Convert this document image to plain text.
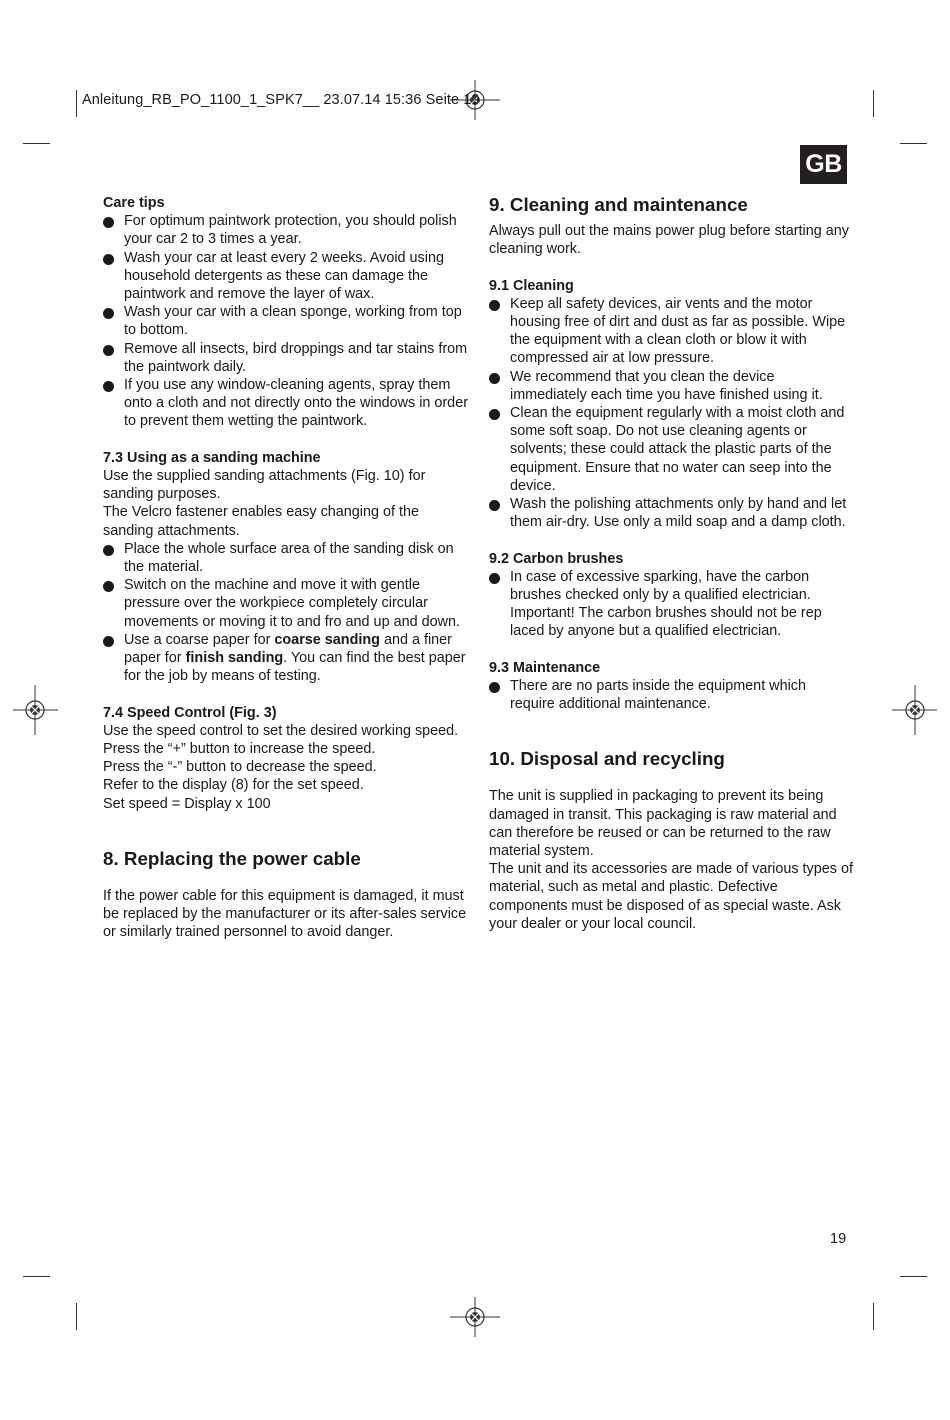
Anleitung_RB_PO_1100_1_SPK7__ 23.07.14 15:36 Seite 19
GB
Care tips
For optimum paintwork protection, you should polish your car 2 to 3 times a year.
Wash your car at least every 2 weeks. Avoid using household detergents as these can damage the paintwork and remove the layer of wax.
Wash your car with a clean sponge, working from top to bottom.
Remove all insects, bird droppings and tar stains from the paintwork daily.
If you use any window-cleaning agents, spray them onto a cloth and not directly onto the windows in order to prevent them wetting the paintwork.
7.3 Using as a sanding machine

Use the supplied sanding attachments (Fig. 10) for sanding purposes.

The Velcro fastener enables easy changing of the sanding attachments.

Place the whole surface area of the sanding disk on the material.
Switch on the machine and move it with gentle pressure over the workpiece completely circular movements or moving it to and fro and up and down.
Use a coarse paper for coarse sanding and a finer paper for finish sanding. You can find the best paper for the job by means of testing.
7.4 Speed Control (Fig. 3)

Use the speed control to set the desired working speed.

Press the “+” button to increase the speed.

Press the “-” button to decrease the speed.

Refer to the display (8) for the set speed.

Set speed = Display x 100

8. Replacing the power cable

If the power cable for this equipment is damaged, it must be replaced by the manufacturer or its after-sales service or similarly trained personnel to avoid danger.

9. Cleaning and maintenance

Always pull out the mains power plug before starting any cleaning work.

9.1 Cleaning
Keep all safety devices, air vents and the motor housing free of dirt and dust as far as possible. Wipe the equipment with a clean cloth or blow it with compressed air at low pressure.
We recommend that you clean the device immediately each time you have finished using it.
Clean the equipment regularly with a moist cloth and some soft soap. Do not use cleaning agents or solvents; these could attack the plastic parts of the equipment. Ensure that no water can seep into the device.
Wash the polishing attachments only by hand and let them air-dry. Use only a mild soap and a damp cloth.
9.2 Carbon brushes
In case of excessive sparking, have the carbon brushes checked only by a qualified electrician. Important! The carbon brushes should not be rep laced by anyone but a qualified electrician.
9.3 Maintenance
There are no parts inside the equipment which require additional maintenance.
10. Disposal and recycling

The unit is supplied in packaging to prevent its being damaged in transit. This packaging is raw material and can therefore be reused or can be returned to the raw material system.

The unit and its accessories are made of various types of material, such as metal and plastic. Defective components must be disposed of as special waste. Ask your dealer or your local council.

19
